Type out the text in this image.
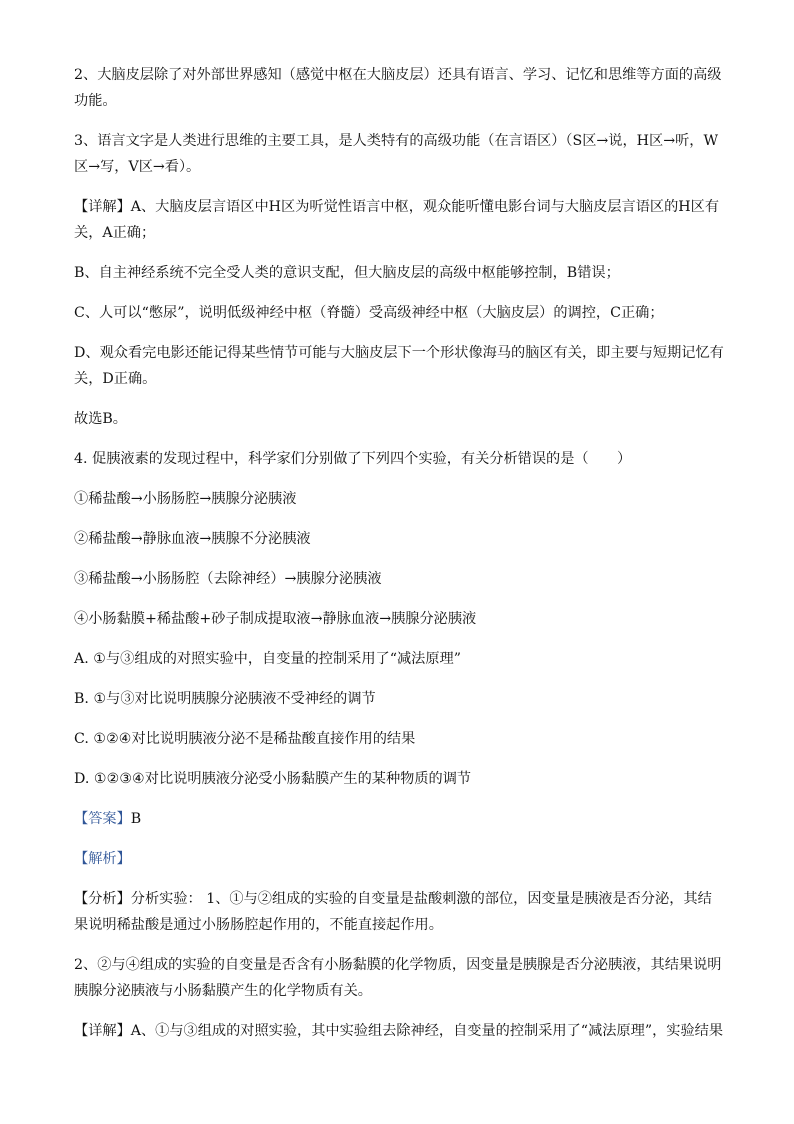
2、大脑皮层除了对外部世界感知（感觉中枢在大脑皮层）还具有语言、学习、记忆和思维等方面的高级功能。

3、语言文字是人类进行思维的主要工具，是人类特有的高级功能（在言语区）（S区→说，H区→听，W区→写，V区→看）。

【详解】A、大脑皮层言语区中H区为听觉性语言中枢，观众能听懂电影台词与大脑皮层言语区的H区有关，A正确；

B、自主神经系统不完全受人类的意识支配，但大脑皮层的高级中枢能够控制，B错误；

C、人可以“憋尿”，说明低级神经中枢（脊髓）受高级神经中枢（大脑皮层）的调控，C正确；

D、观众看完电影还能记得某些情节可能与大脑皮层下一个形状像海马的脑区有关，即主要与短期记忆有关，D正确。

故选B。

4. 促胰液素的发现过程中，科学家们分别做了下列四个实验，有关分析错误的是（　　）

①稀盐酸→小肠肠腔→胰腺分泌胰液

②稀盐酸→静脉血液→胰腺不分泌胰液

③稀盐酸→小肠肠腔（去除神经）→胰腺分泌胰液

④小肠黏膜+稀盐酸+砂子制成提取液→静脉血液→胰腺分泌胰液

A. ①与③组成的对照实验中，自变量的控制采用了“减法原理”

B. ①与③对比说明胰腺分泌胰液不受神经的调节

C. ①②④对比说明胰液分泌不是稀盐酸直接作用的结果

D. ①②③④对比说明胰液分泌受小肠黏膜产生的某种物质的调节

【答案】B

【解析】

【分析】分析实验： 1、①与②组成的实验的自变量是盐酸刺激的部位，因变量是胰液是否分泌，其结果说明稀盐酸是通过小肠肠腔起作用的，不能直接起作用。

2、②与④组成的实验的自变量是否含有小肠黏膜的化学物质，因变量是胰腺是否分泌胰液，其结果说明胰腺分泌胰液与小肠黏膜产生的化学物质有关。

【详解】A、①与③组成的对照实验，其中实验组去除神经，自变量的控制采用了“减法原理”，实验结果
